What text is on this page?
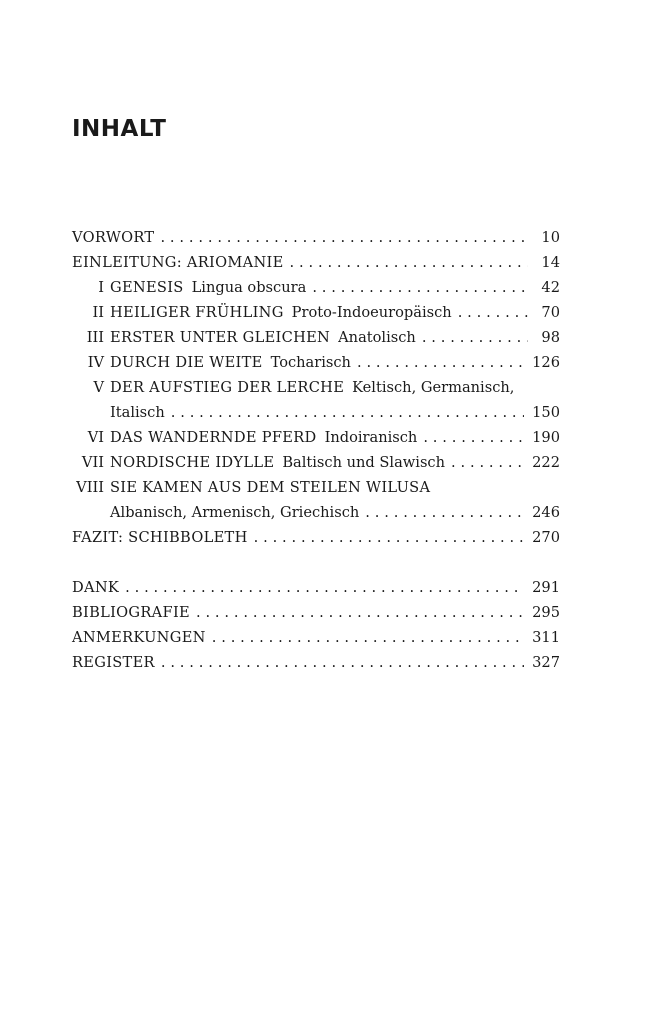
INHALT
VORWORT . . .	10
EINLEITUNG: ARIOMANIE . . .	14
I GENESIS Lingua obscura . . .	42
II HEILIGER FRÜHLING Proto-Indoeuropäisch . . .	70
III ERSTER UNTER GLEICHEN Anatolisch . . .	98
IV DURCH DIE WEITE Tocharisch . . .	126
V DER AUFSTIEG DER LERCHE Keltisch, Germanisch,
Italisch . . .	150
VI DAS WANDERNDE PFERD Indoiranisch . . .	190
VII NORDISCHE IDYLLE Baltisch und Slawisch . . .	222
VIII SIE KAMEN AUS DEM STEILEN WILUSA
Albanisch, Armenisch, Griechisch . . .	246
FAZIT: SCHIBBOLETH . . .	270
DANK . . .	291
BIBLIOGRAFIE . . .	295
ANMERKUNGEN . . .	311
REGISTER . . .	327
